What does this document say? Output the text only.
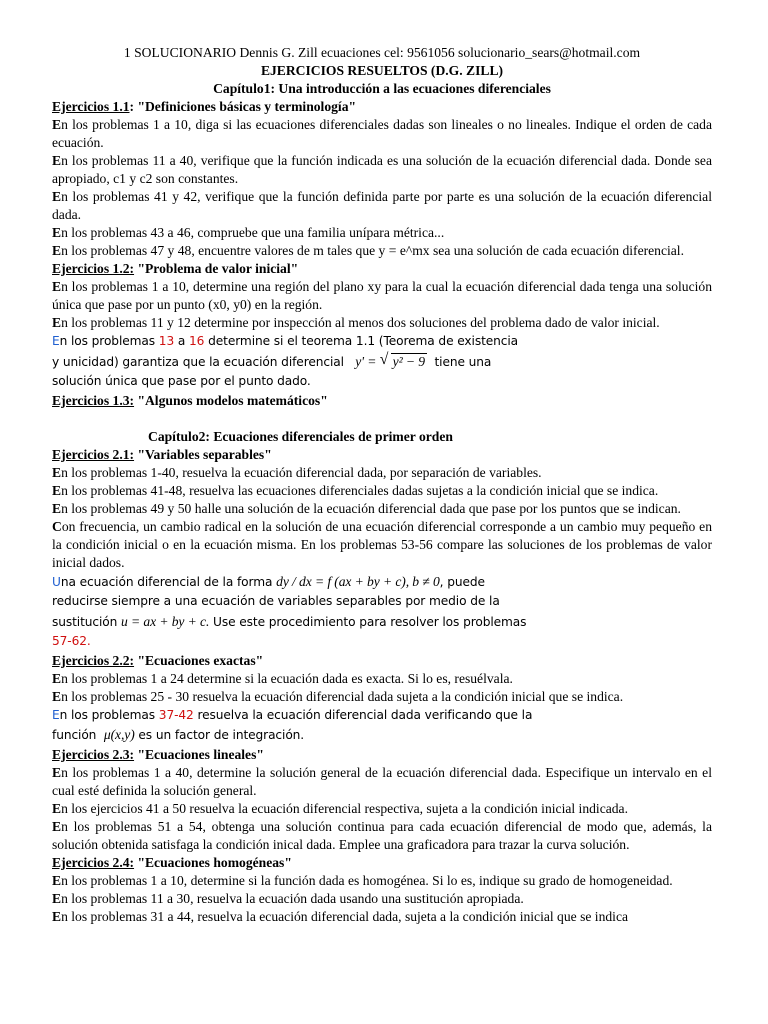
1 SOLUCIONARIO Dennis G. Zill ecuaciones cel: 9561056 solucionario_sears@hotmail.com
EJERCICIOS RESUELTOS (D.G. ZILL)
Capítulo1: Una introducción a las ecuaciones diferenciales
Ejercicios 1.1: "Definiciones básicas y terminología"

En los problemas 1 a 10, diga si las ecuaciones diferenciales dadas son lineales o no lineales. Indique el orden de cada ecuación.

En los problemas 11 a 40, verifique que la función indicada es una solución de la ecuación diferencial dada. Donde sea apropiado, c1 y c2 son constantes.

En los problemas 41 y 42, verifique que la función definida parte por parte es una solución de la ecuación diferencial dada.

En los problemas 43 a 46, compruebe que una familia unípara métrica...

En los problemas 47 y 48, encuentre valores de m tales que y = e^mx sea una solución de cada ecuación diferencial.

Ejercicios 1.2: "Problema de valor inicial"

En los problemas 1 a 10, determine una región del plano xy para la cual la ecuación diferencial dada tenga una solución única que pase por un punto (x0, y0) en la región.

En los problemas 11 y 12 determine por inspección al menos dos soluciones del problema dado de valor inicial.

En los problemas 13 a 16 determine si el teorema 1.1 (Teorema de existencia
y unicidad) garantiza que la ecuación diferencial y' = √ y² − 9 tiene una
solución única que pase por el punto dado.
Ejercicios 1.3: "Algunos modelos matemáticos"
Capítulo2: Ecuaciones diferenciales de primer orden
Ejercicios 2.1: "Variables separables"

En los problemas 1-40, resuelva la ecuación diferencial dada, por separación de variables.

En los problemas 41-48, resuelva las ecuaciones diferenciales dadas sujetas a la condición inicial que se indica.

En los problemas 49 y 50 halle una solución de la ecuación diferencial dada que pase por los puntos que se indican.

Con frecuencia, un cambio radical en la solución de una ecuación diferencial corresponde a un cambio muy pequeño en la condición inicial o en la ecuación misma. En los problemas 53-56 compare las soluciones de los problemas de valor inicial dados.

Una ecuación diferencial de la forma dy / dx = f (ax + by + c), b ≠ 0, puede
reducirse siempre a una ecuación de variables separables por medio de la
sustitución u = ax + by + c. Use este procedimiento para resolver los problemas
57-62.
Ejercicios 2.2: "Ecuaciones exactas"

En los problemas 1 a 24 determine si la ecuación dada es exacta. Si lo es, resuélvala.

En los problemas 25 - 30 resuelva la ecuación diferencial dada sujeta a la condición inicial que se indica.

En los problemas 37-42 resuelva la ecuación diferencial dada verificando que la
función μ(x,y) es un factor de integración.
Ejercicios 2.3: "Ecuaciones lineales"

En los problemas 1 a 40, determine la solución general de la ecuación diferencial dada. Especifique un intervalo en el cual esté definida la solución general.

En los ejercicios 41 a 50 resuelva la ecuación diferencial respectiva, sujeta a la condición inicial indicada.

En los problemas 51 a 54, obtenga una solución continua para cada ecuación diferencial de modo que, además, la solución obtenida satisfaga la condición inical dada. Emplee una graficadora para trazar la curva solución.

Ejercicios 2.4: "Ecuaciones homogéneas"

En los problemas 1 a 10, determine si la función dada es homogénea. Si lo es, indique su grado de homogeneidad.

En los problemas 11 a 30, resuelva la ecuación dada usando una sustitución apropiada.

En los problemas 31 a 44, resuelva la ecuación diferencial dada, sujeta a la condición inicial que se indica
